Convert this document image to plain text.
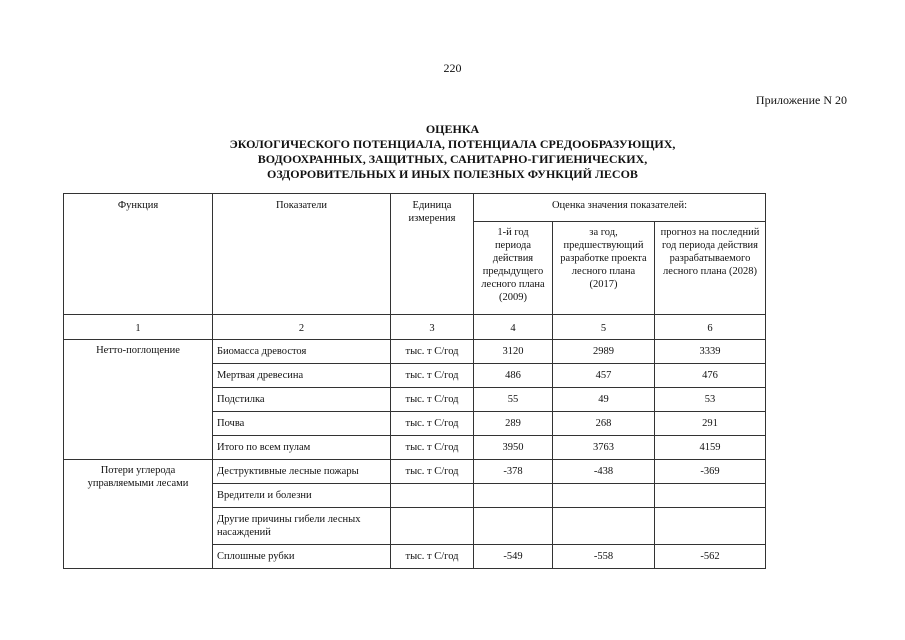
220
Приложение N 20
ОЦЕНКА
ЭКОЛОГИЧЕСКОГО ПОТЕНЦИАЛА, ПОТЕНЦИАЛА СРЕДООБРАЗУЮЩИХ,
ВОДООХРАННЫХ, ЗАЩИТНЫХ, САНИТАРНО-ГИГИЕНИЧЕСКИХ,
ОЗДОРОВИТЕЛЬНЫХ И ИНЫХ ПОЛЕЗНЫХ ФУНКЦИЙ ЛЕСОВ
Функция	Показатели	Единица измерения	Оценка значения показателей:		
			1-й год периода действия предыдущего лесного плана (2009)	за год, предшествующий разработке проекта лесного плана (2017)	прогноз на последний год периода действия разрабатываемого лесного плана (2028)
1	2	3	4	5	6
Нетто-поглощение	Биомасса древостоя	тыс. т С/год	3120	2989	3339
	Мертвая древесина	тыс. т С/год	486	457	476
	Подстилка	тыс. т С/год	55	49	53
	Почва	тыс. т С/год	289	268	291
	Итого по всем пулам	тыс. т С/год	3950	3763	4159
Потери углерода управляемыми лесами	Деструктивные лесные пожары	тыс. т С/год	-378	-438	-369
	Вредители и болезни				
	Другие причины гибели лесных насаждений				
	Сплошные рубки	тыс. т С/год	-549	-558	-562
